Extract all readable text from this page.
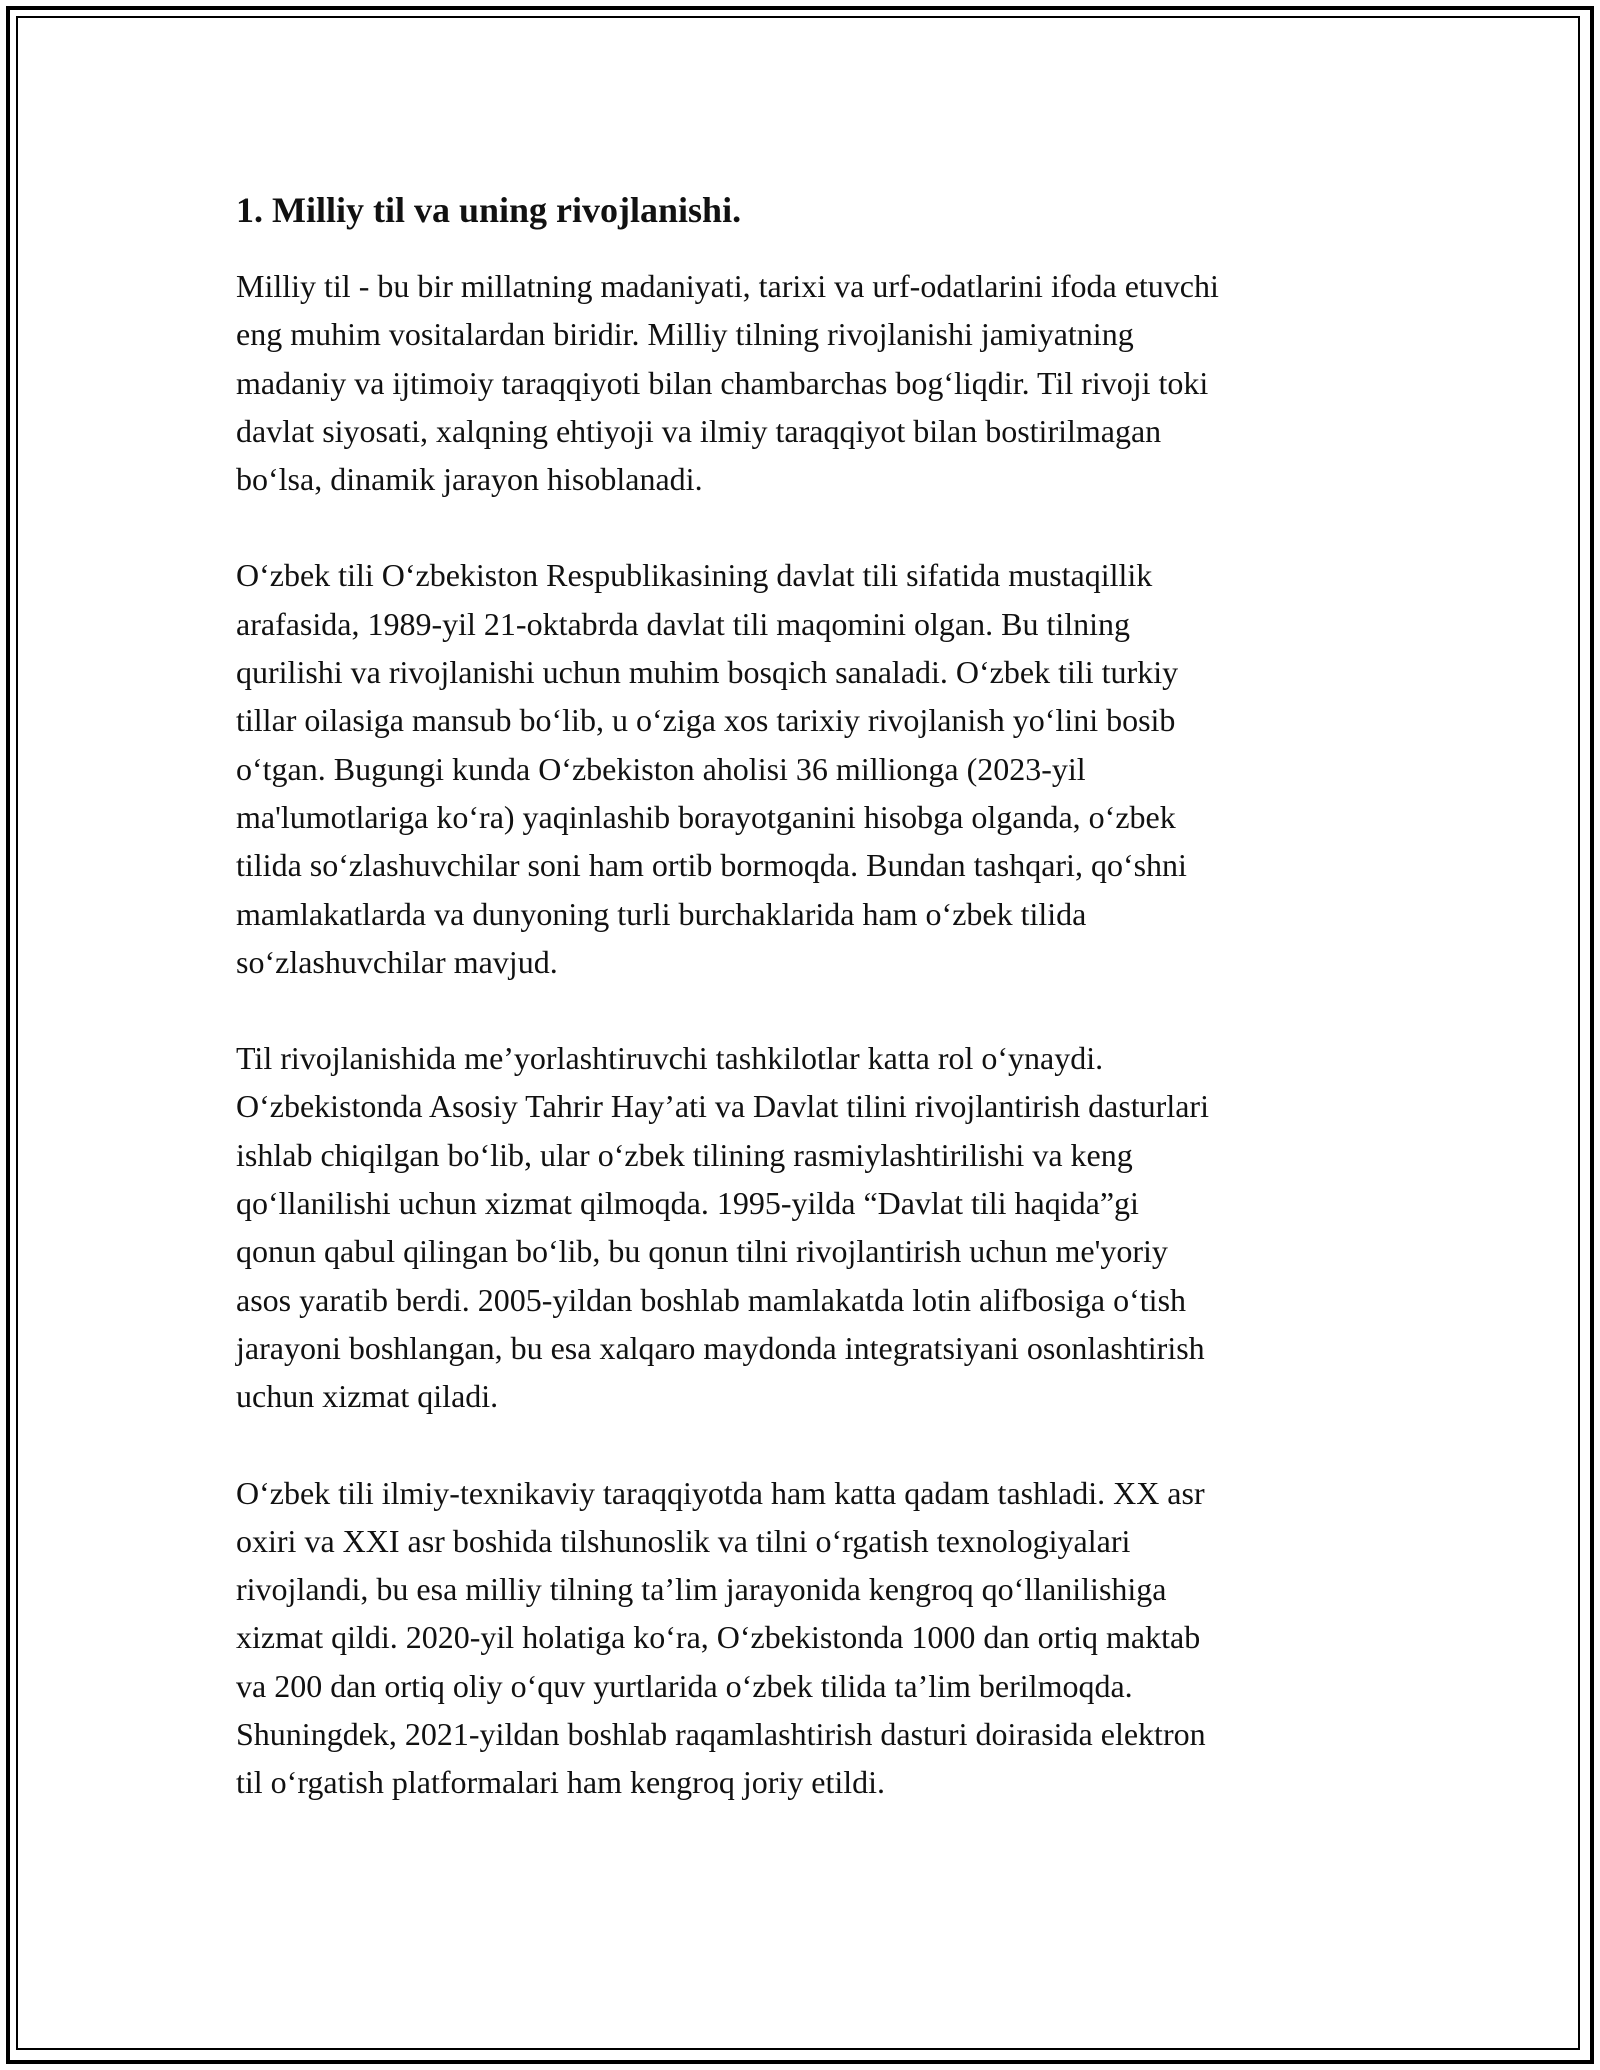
1. Milliy til va uning rivojlanishi.

Milliy til - bu bir millatning madaniyati, tarixi va urf-odatlarini ifoda etuvchi
eng muhim vositalardan biridir. Milliy tilning rivojlanishi jamiyatning
madaniy va ijtimoiy taraqqiyoti bilan chambarchas bogʻliqdir. Til rivoji toki
davlat siyosati, xalqning ehtiyoji va ilmiy taraqqiyot bilan bostirilmagan
boʻlsa, dinamik jarayon hisoblanadi.

Oʻzbek tili Oʻzbekiston Respublikasining davlat tili sifatida mustaqillik
arafasida, 1989-yil 21-oktabrda davlat tili maqomini olgan. Bu tilning
qurilishi va rivojlanishi uchun muhim bosqich sanaladi. Oʻzbek tili turkiy
tillar oilasiga mansub boʻlib, u oʻziga xos tarixiy rivojlanish yoʻlini bosib
oʻtgan. Bugungi kunda Oʻzbekiston aholisi 36 millionga (2023-yil
ma'lumotlariga koʻra) yaqinlashib borayotganini hisobga olganda, oʻzbek
tilida soʻzlashuvchilar soni ham ortib bormoqda. Bundan tashqari, qoʻshni
mamlakatlarda va dunyoning turli burchaklarida ham oʻzbek tilida
soʻzlashuvchilar mavjud.

Til rivojlanishida me’yorlashtiruvchi tashkilotlar katta rol oʻynaydi.
Oʻzbekistonda Asosiy Tahrir Hay’ati va Davlat tilini rivojlantirish dasturlari
ishlab chiqilgan boʻlib, ular oʻzbek tilining rasmiylashtirilishi va keng
qoʻllanilishi uchun xizmat qilmoqda. 1995-yilda “Davlat tili haqida”gi
qonun qabul qilingan boʻlib, bu qonun tilni rivojlantirish uchun me'yoriy
asos yaratib berdi. 2005-yildan boshlab mamlakatda lotin alifbosiga oʻtish
jarayoni boshlangan, bu esa xalqaro maydonda integratsiyani osonlashtirish
uchun xizmat qiladi.

Oʻzbek tili ilmiy-texnikaviy taraqqiyotda ham katta qadam tashladi. XX asr
oxiri va XXI asr boshida tilshunoslik va tilni oʻrgatish texnologiyalari
rivojlandi, bu esa milliy tilning ta’lim jarayonida kengroq qoʻllanilishiga
xizmat qildi. 2020-yil holatiga koʻra, Oʻzbekistonda 1000 dan ortiq maktab
va 200 dan ortiq oliy oʻquv yurtlarida oʻzbek tilida ta’lim berilmoqda.
Shuningdek, 2021-yildan boshlab raqamlashtirish dasturi doirasida elektron
til oʻrgatish platformalari ham kengroq joriy etildi.
